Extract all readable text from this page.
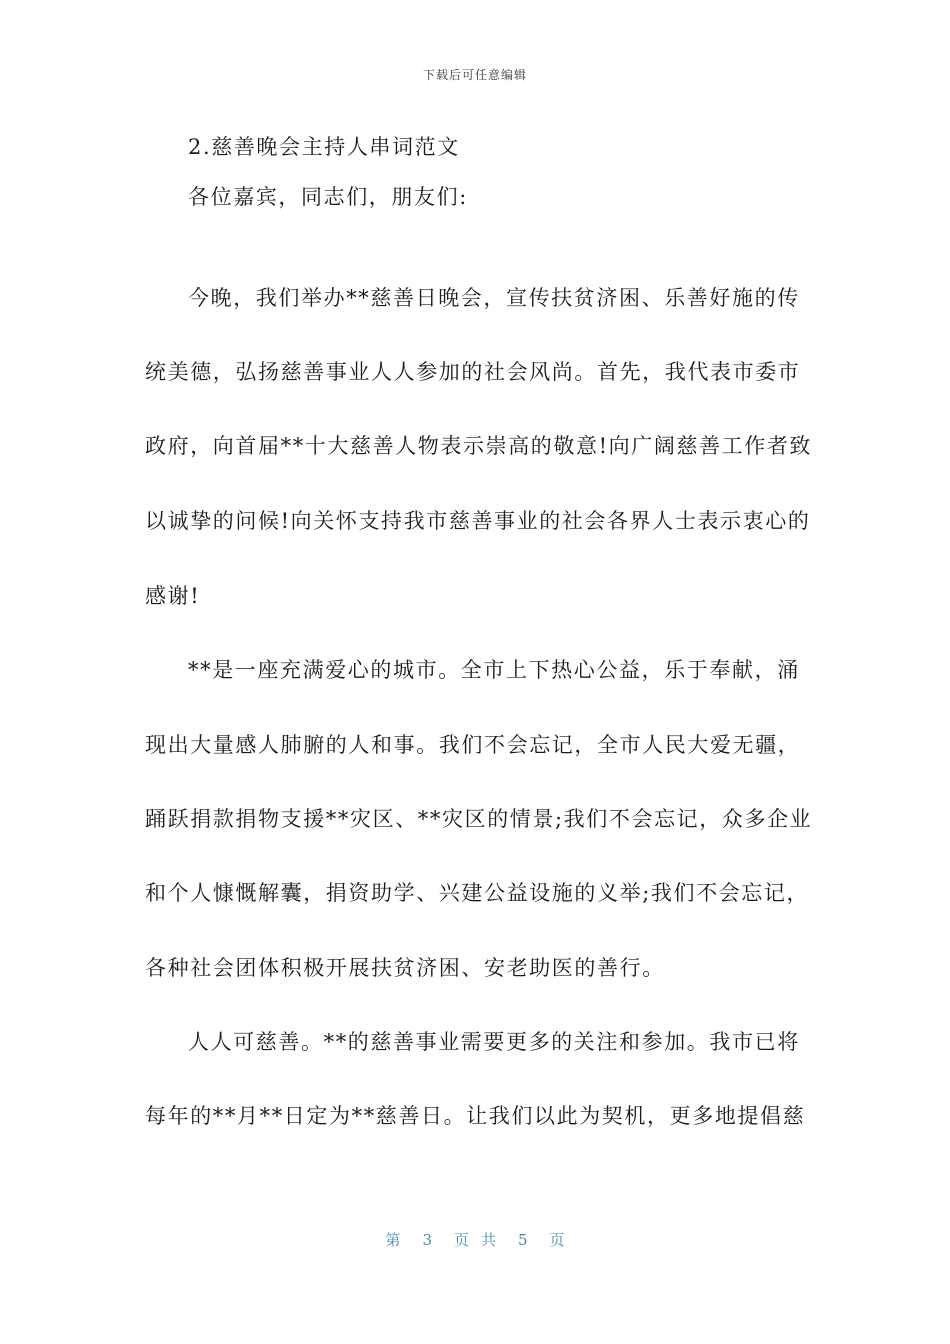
下载后可任意编辑
2.慈善晚会主持人串词范文
各位嘉宾，同志们，朋友们:
今晚，我们举办**慈善日晚会，宣传扶贫济困、乐善好施的传
统美德，弘扬慈善事业人人参加的社会风尚。首先，我代表市委市
政府，向首届**十大慈善人物表示崇高的敬意!向广阔慈善工作者致
以诚挚的问候!向关怀支持我市慈善事业的社会各界人士表示衷心的
感谢!
**是一座充满爱心的城市。全市上下热心公益，乐于奉献，涌
现出大量感人肺腑的人和事。我们不会忘记，全市人民大爱无疆，
踊跃捐款捐物支援**灾区、**灾区的情景;我们不会忘记，众多企业
和个人慷慨解囊，捐资助学、兴建公益设施的义举;我们不会忘记，
各种社会团体积极开展扶贫济困、安老助医的善行。
人人可慈善。**的慈善事业需要更多的关注和参加。我市已将
每年的**月**日定为**慈善日。让我们以此为契机，更多地提倡慈
第 3 页共 5 页
